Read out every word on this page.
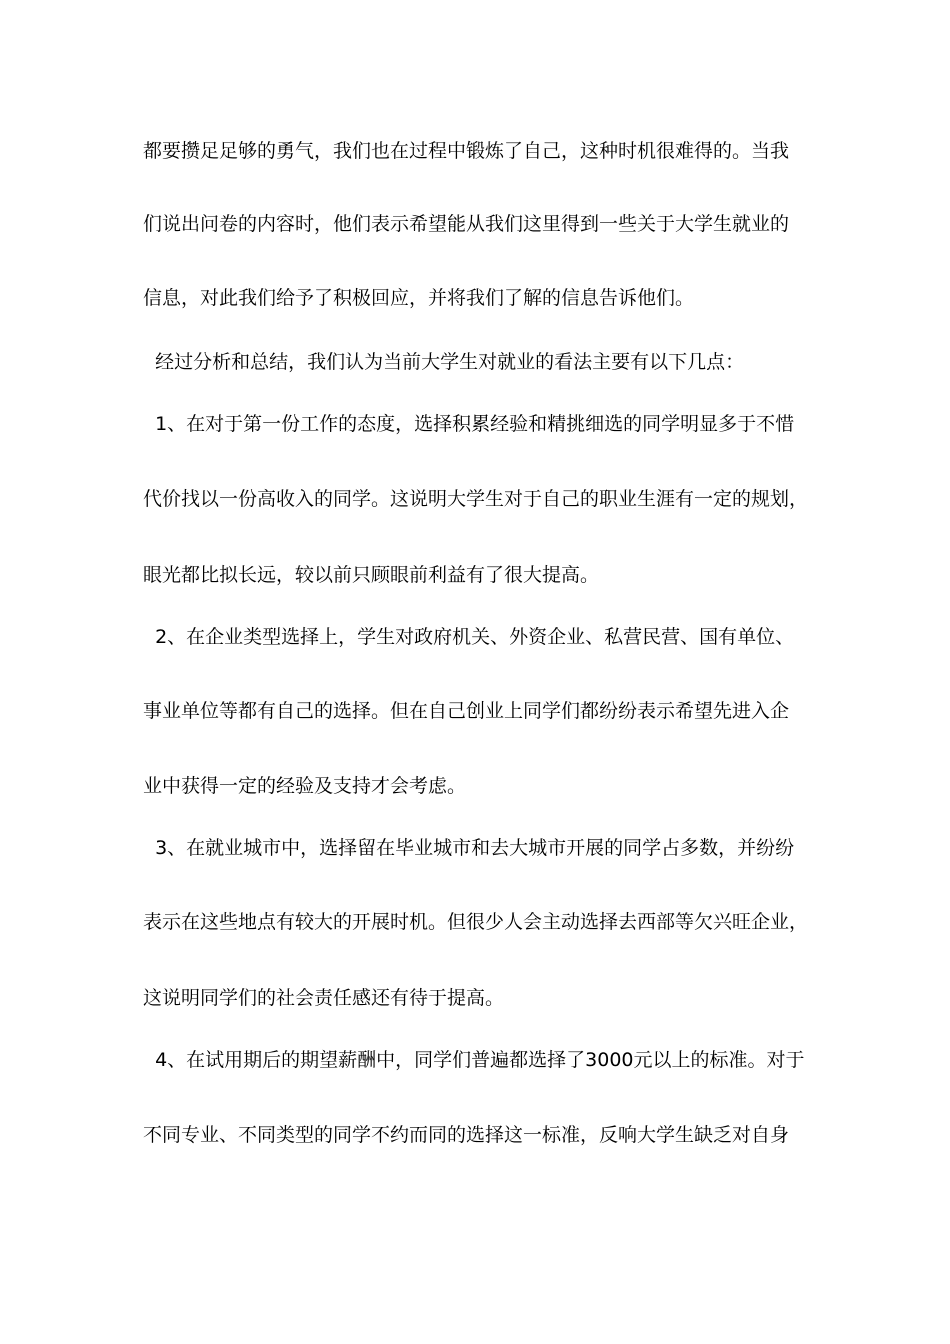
都要攒足足够的勇气，我们也在过程中锻炼了自己，这种时机很难得的。当我
们说出问卷的内容时，他们表示希望能从我们这里得到一些关于大学生就业的
信息，对此我们给予了积极回应，并将我们了解的信息告诉他们。
经过分析和总结，我们认为当前大学生对就业的看法主要有以下几点：
1、在对于第一份工作的态度，选择积累经验和精挑细选的同学明显多于不惜
代价找以一份高收入的同学。这说明大学生对于自己的职业生涯有一定的规划，
眼光都比拟长远，较以前只顾眼前利益有了很大提高。
2、在企业类型选择上，学生对政府机关、外资企业、私营民营、国有单位、
事业单位等都有自己的选择。但在自己创业上同学们都纷纷表示希望先进入企
业中获得一定的经验及支持才会考虑。
3、在就业城市中，选择留在毕业城市和去大城市开展的同学占多数，并纷纷
表示在这些地点有较大的开展时机。但很少人会主动选择去西部等欠兴旺企业，
这说明同学们的社会责任感还有待于提高。
4、在试用期后的期望薪酬中，同学们普遍都选择了3000元以上的标准。对于
不同专业、不同类型的同学不约而同的选择这一标准，反响大学生缺乏对自身
